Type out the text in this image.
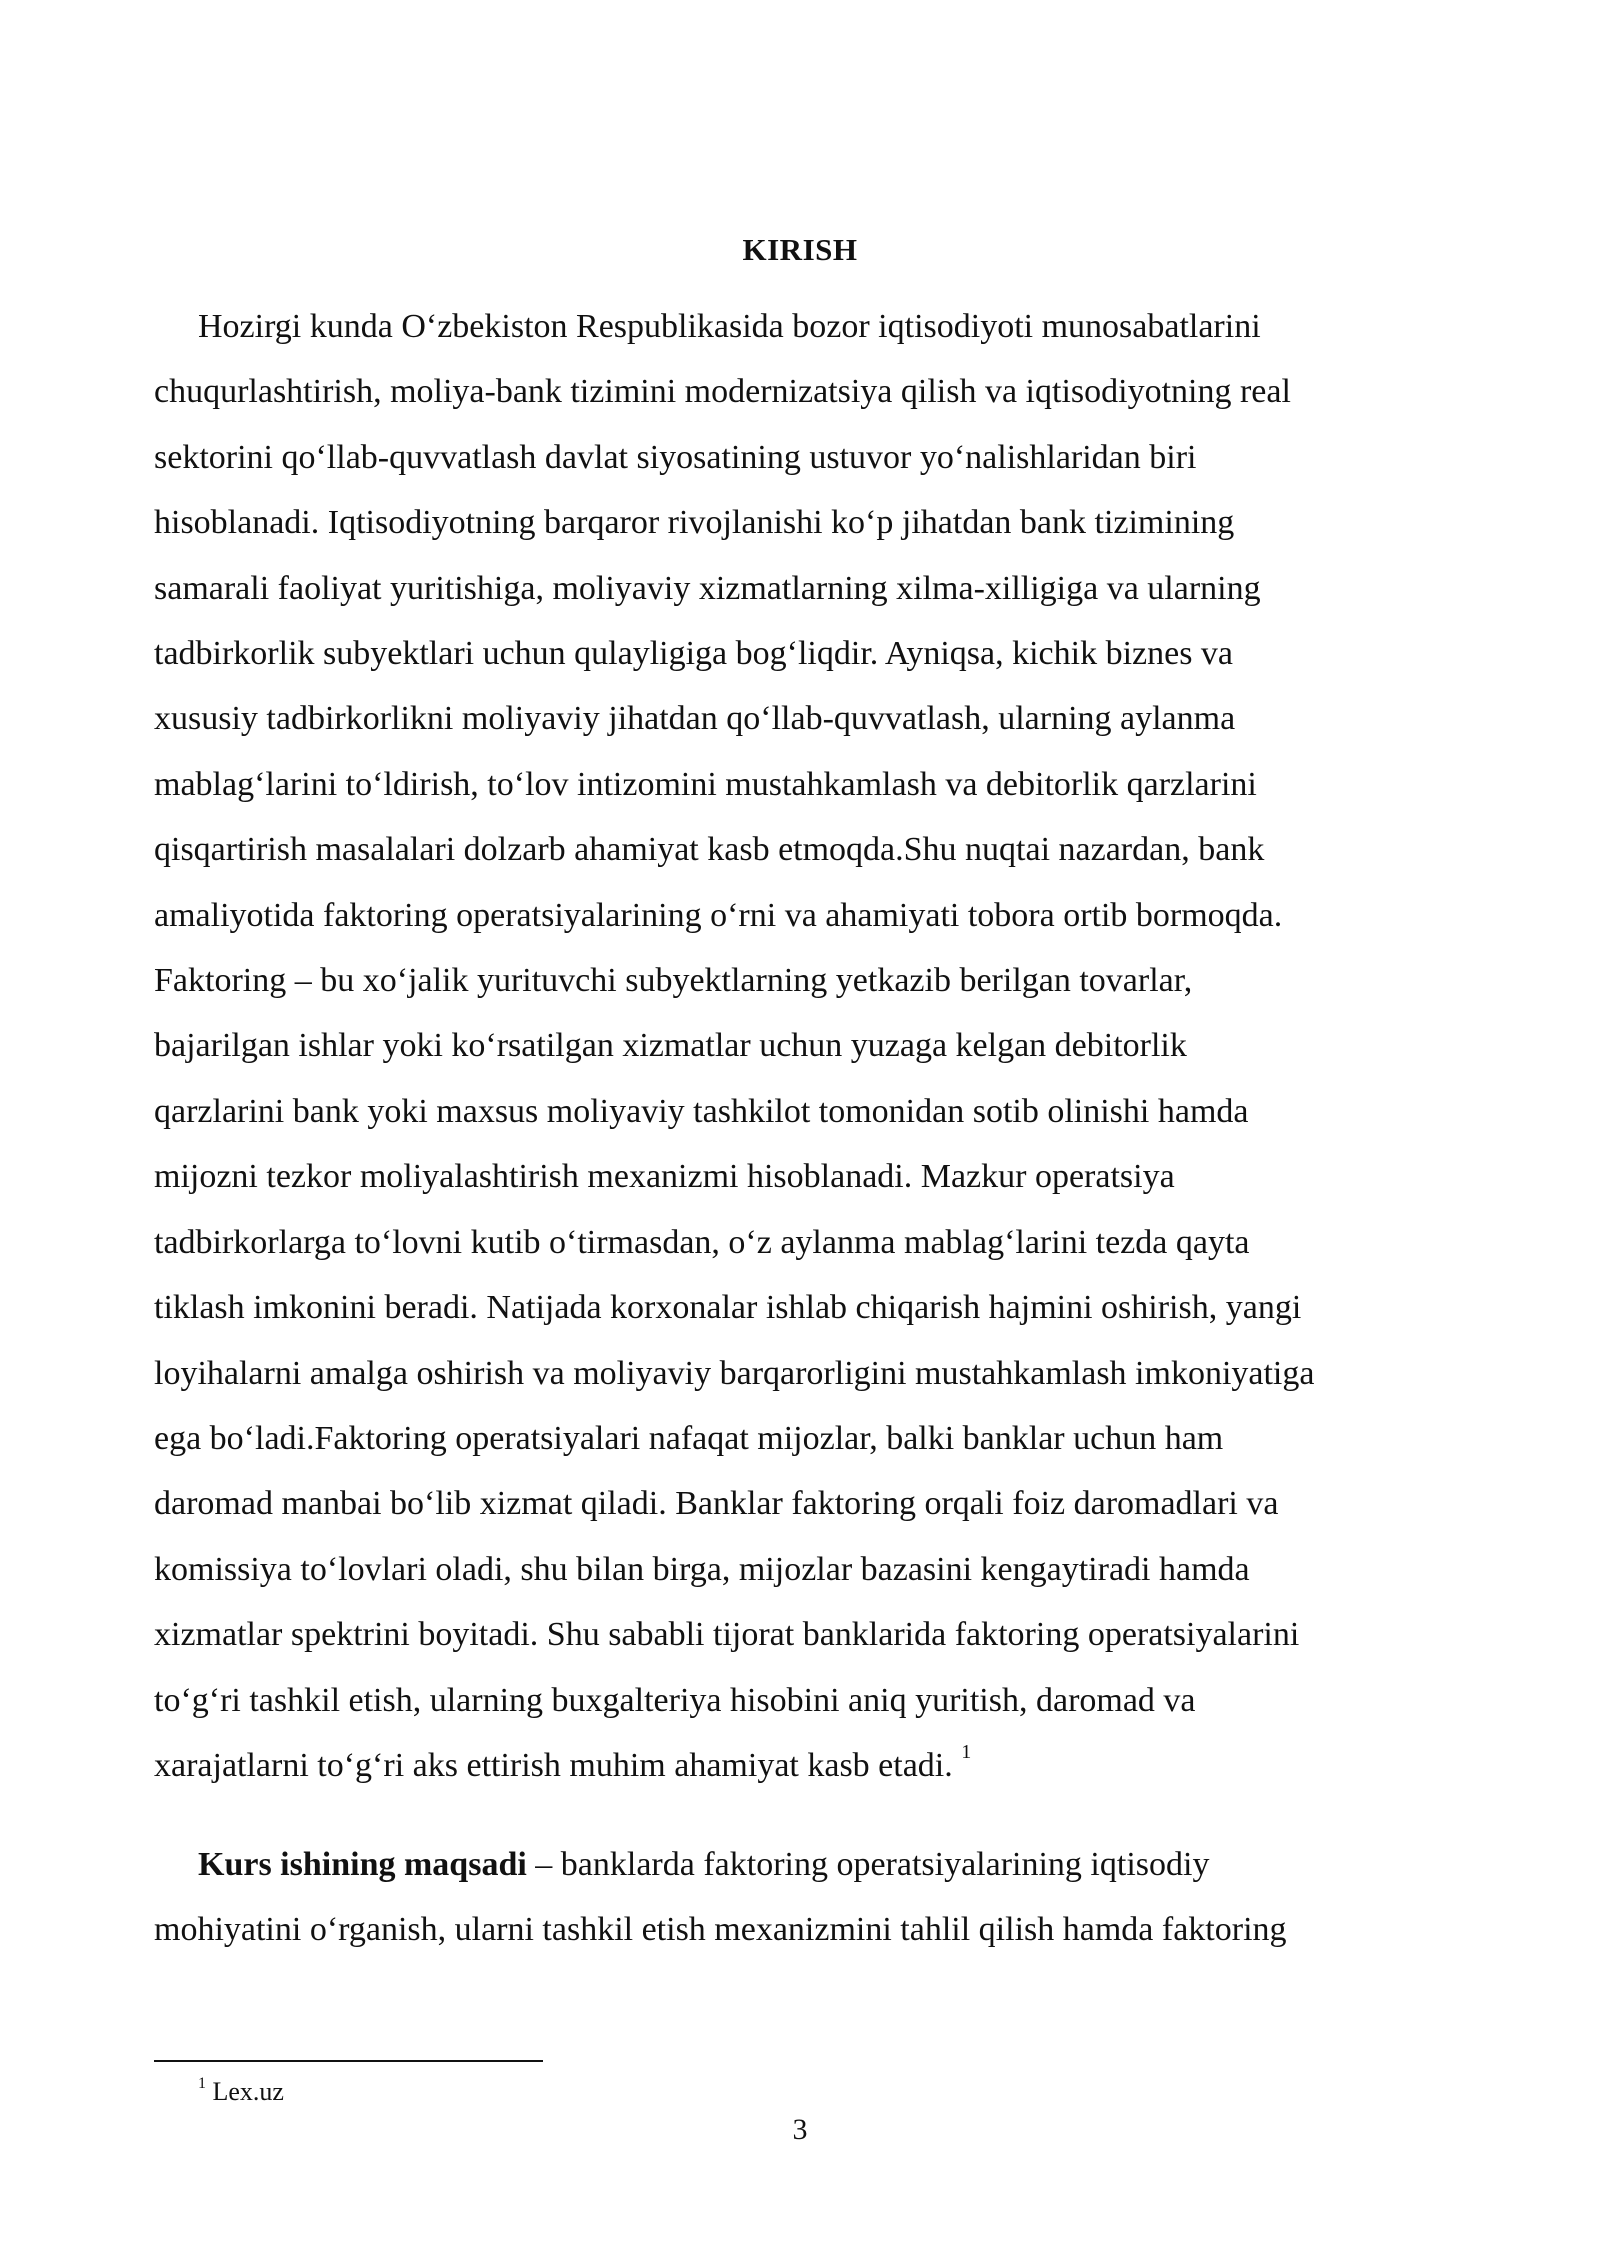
KIRISH
Hozirgi kunda O‘zbekiston Respublikasida bozor iqtisodiyoti munosabatlarini
chuqurlashtirish, moliya-bank tizimini modernizatsiya qilish va iqtisodiyotning real
sektorini qo‘llab-quvvatlash davlat siyosatining ustuvor yo‘nalishlaridan biri
hisoblanadi. Iqtisodiyotning barqaror rivojlanishi ko‘p jihatdan bank tizimining
samarali faoliyat yuritishiga, moliyaviy xizmatlarning xilma-xilligiga va ularning
tadbirkorlik subyektlari uchun qulayligiga bog‘liqdir. Ayniqsa, kichik biznes va
xususiy tadbirkorlikni moliyaviy jihatdan qo‘llab-quvvatlash, ularning aylanma
mablag‘larini to‘ldirish, to‘lov intizomini mustahkamlash va debitorlik qarzlarini
qisqartirish masalalari dolzarb ahamiyat kasb etmoqda.Shu nuqtai nazardan, bank
amaliyotida faktoring operatsiyalarining o‘rni va ahamiyati tobora ortib bormoqda.
Faktoring – bu xo‘jalik yurituvchi subyektlarning yetkazib berilgan tovarlar,
bajarilgan ishlar yoki ko‘rsatilgan xizmatlar uchun yuzaga kelgan debitorlik
qarzlarini bank yoki maxsus moliyaviy tashkilot tomonidan sotib olinishi hamda
mijozni tezkor moliyalashtirish mexanizmi hisoblanadi. Mazkur operatsiya
tadbirkorlarga to‘lovni kutib o‘tirmasdan, o‘z aylanma mablag‘larini tezda qayta
tiklash imkonini beradi. Natijada korxonalar ishlab chiqarish hajmini oshirish, yangi
loyihalarni amalga oshirish va moliyaviy barqarorligini mustahkamlash imkoniyatiga
ega bo‘ladi.Faktoring operatsiyalari nafaqat mijozlar, balki banklar uchun ham
daromad manbai bo‘lib xizmat qiladi. Banklar faktoring orqali foiz daromadlari va
komissiya to‘lovlari oladi, shu bilan birga, mijozlar bazasini kengaytiradi hamda
xizmatlar spektrini boyitadi. Shu sababli tijorat banklarida faktoring operatsiyalarini
to‘g‘ri tashkil etish, ularning buxgalteriya hisobini aniq yuritish, daromad va
xarajatlarni to‘g‘ri aks ettirish muhim ahamiyat kasb etadi. $^1$
Kurs ishining maqsadi – banklarda faktoring operatsiyalarining iqtisodiy
mohiyatini o‘rganish, ularni tashkil etish mexanizmini tahlil qilish hamda faktoring
$^1$ Lex.uz
3
